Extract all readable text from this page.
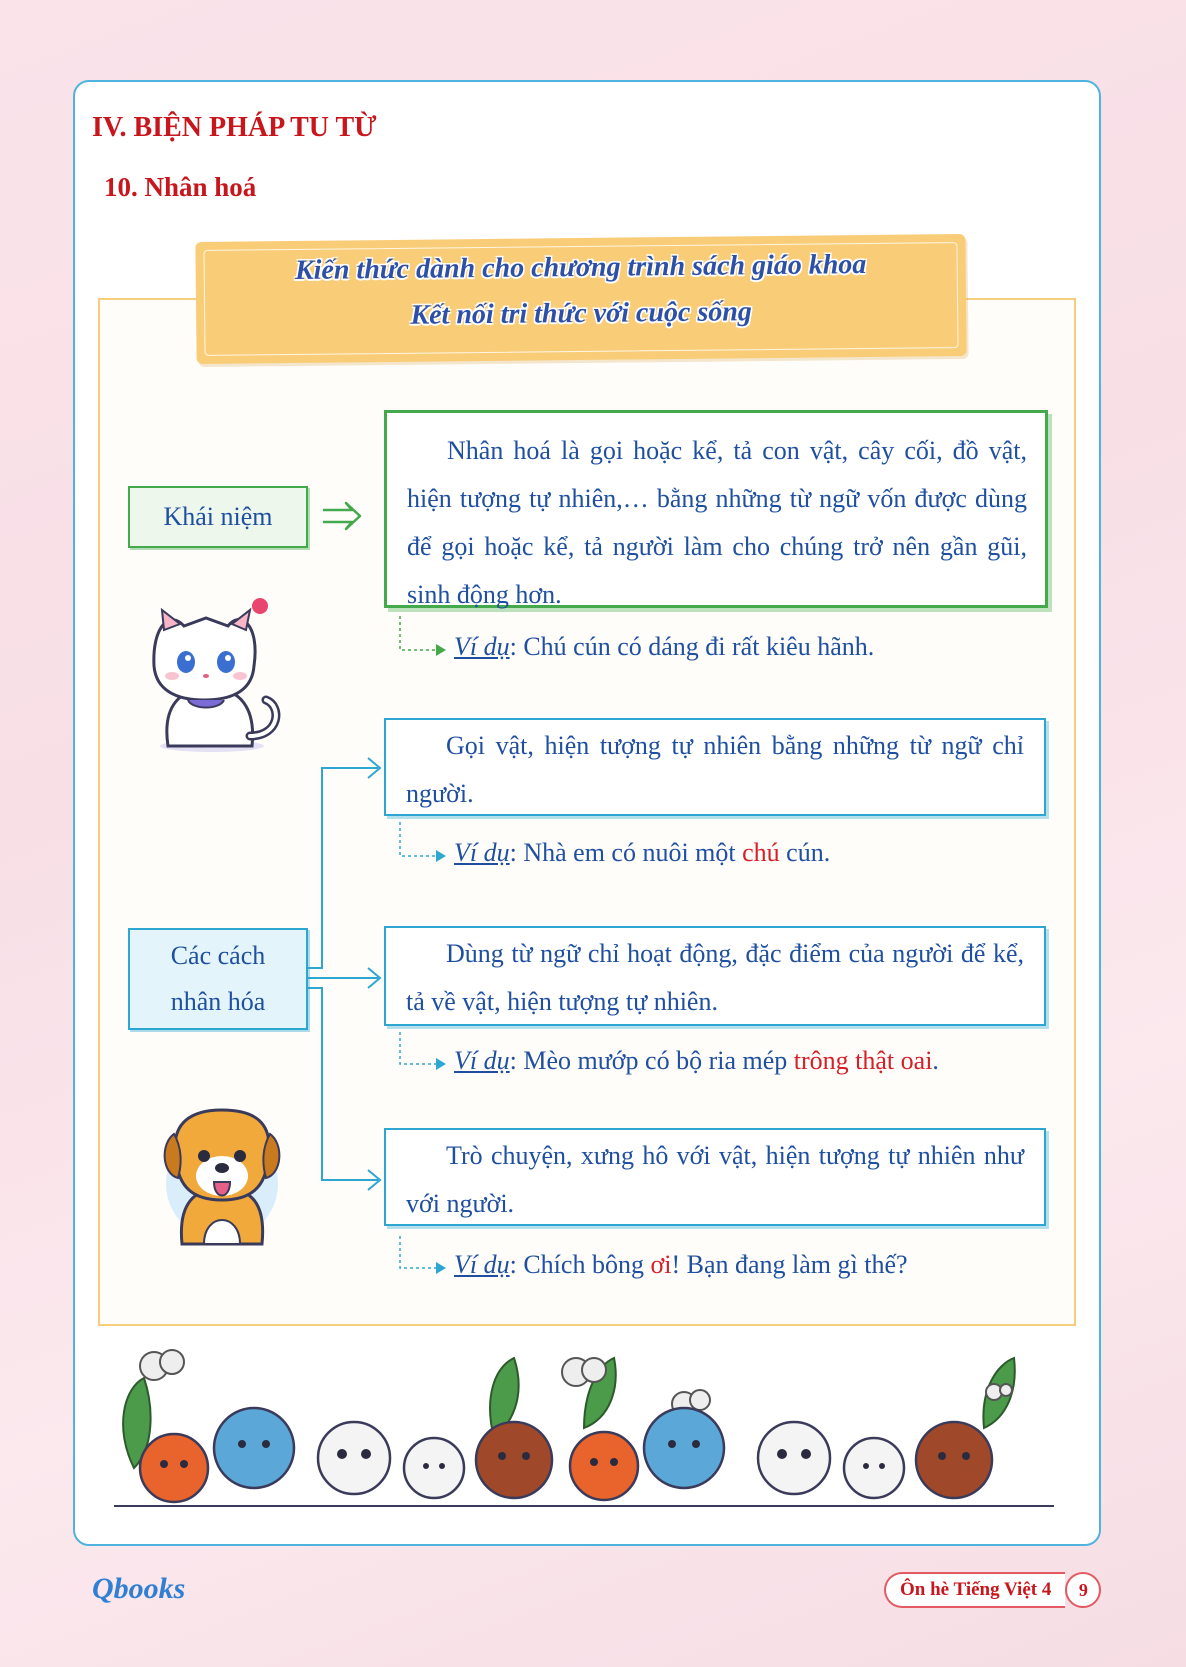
IV. BIỆN PHÁP TU TỪ
10. Nhân hoá
Kiến thức dành cho chương trình sách giáo khoa
Kết nối tri thức với cuộc sống
Khái niệm
Nhân hoá là gọi hoặc kể, tả con vật, cây cối, đồ vật, hiện tượng tự nhiên,… bằng những từ ngữ vốn được dùng để gọi hoặc kể, tả người làm cho chúng trở nên gần gũi, sinh động hơn.
Ví dụ: Chú cún có dáng đi rất kiêu hãnh.
Các cách
nhân hóa
Gọi vật, hiện tượng tự nhiên bằng những từ ngữ chỉ người.
Ví dụ: Nhà em có nuôi một chú cún.
Dùng từ ngữ chỉ hoạt động, đặc điểm của người để kể, tả về vật, hiện tượng tự nhiên.
Ví dụ: Mèo mướp có bộ ria mép trông thật oai.
Trò chuyện, xưng hô với vật, hiện tượng tự nhiên như với người.
Ví dụ: Chích bông ơi! Bạn đang làm gì thế?
Qbooks	Ôn hè Tiếng Việt 4	9
